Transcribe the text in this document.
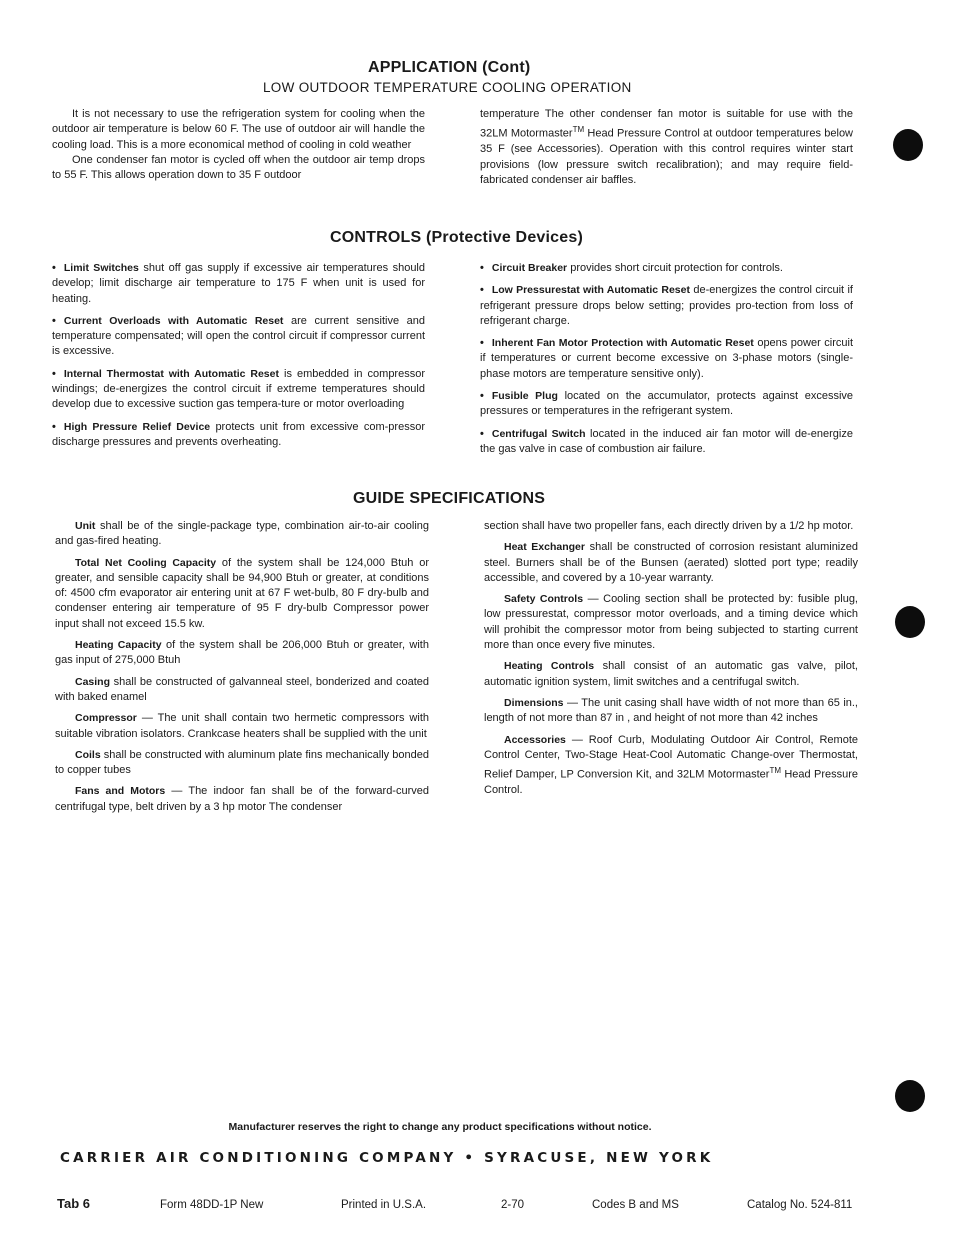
APPLICATION (Cont)
LOW OUTDOOR TEMPERATURE COOLING OPERATION

It is not necessary to use the refrigeration system for cooling when the outdoor air temperature is below 60 F. The use of outdoor air will handle the cooling load. This is a more economical method of cooling in cold weather

One condenser fan motor is cycled off when the outdoor air temp drops to 55 F. This allows operation down to 35 F outdoor

temperature The other condenser fan motor is suitable for use with the 32LM Motormaster™ Head Pressure Control at outdoor temperatures below 35 F (see Accessories). Operation with this control requires winter start provisions (low pressure switch recalibration); and may require field-fabricated condenser air baffles.

CONTROLS (Protective Devices)

• Limit Switches shut off gas supply if excessive air temperatures should develop; limit discharge air temperature to 175 F when unit is used for heating.

• Current Overloads with Automatic Reset are current sensitive and temperature compensated; will open the control circuit if compressor current is excessive.

• Internal Thermostat with Automatic Reset is embedded in compressor windings; de-energizes the control circuit if extreme temperatures should develop due to excessive suction gas tempera-ture or motor overloading

• High Pressure Relief Device protects unit from excessive com-pressor discharge pressures and prevents overheating.

• Circuit Breaker provides short circuit protection for controls.

• Low Pressurestat with Automatic Reset de-energizes the control circuit if refrigerant pressure drops below setting; provides pro-tection from loss of refrigerant charge.

• Inherent Fan Motor Protection with Automatic Reset opens power circuit if temperatures or current become excessive on 3-phase motors (single-phase motors are temperature sensitive only).

• Fusible Plug located on the accumulator, protects against excessive pressures or temperatures in the refrigerant system.

• Centrifugal Switch located in the induced air fan motor will de-energize the gas valve in case of combustion air failure.

GUIDE SPECIFICATIONS

Unit shall be of the single-package type, combination air-to-air cooling and gas-fired heating.

Total Net Cooling Capacity of the system shall be 124,000 Btuh or greater, and sensible capacity shall be 94,900 Btuh or greater, at conditions of: 4500 cfm evaporator air entering unit at 67 F wet-bulb, 80 F dry-bulb and condenser entering air temperature of 95 F dry-bulb Compressor power input shall not exceed 15.5 kw.

Heating Capacity of the system shall be 206,000 Btuh or greater, with gas input of 275,000 Btuh

Casing shall be constructed of galvanneal steel, bonderized and coated with baked enamel

Compressor — The unit shall contain two hermetic compressors with suitable vibration isolators. Crankcase heaters shall be supplied with the unit

Coils shall be constructed with aluminum plate fins mechanically bonded to copper tubes

Fans and Motors — The indoor fan shall be of the forward-curved centrifugal type, belt driven by a 3 hp motor The condenser

section shall have two propeller fans, each directly driven by a 1/2 hp motor.

Heat Exchanger shall be constructed of corrosion resistant aluminized steel. Burners shall be of the Bunsen (aerated) slotted port type; readily accessible, and covered by a 10-year warranty.

Safety Controls — Cooling section shall be protected by: fusible plug, low pressurestat, compressor motor overloads, and a timing device which will prohibit the compressor motor from being subjected to starting current more than once every five minutes.

Heating Controls shall consist of an automatic gas valve, pilot, automatic ignition system, limit switches and a centrifugal switch.

Dimensions — The unit casing shall have width of not more than 65 in., length of not more than 87 in , and height of not more than 42 inches

Accessories — Roof Curb, Modulating Outdoor Air Control, Remote Control Center, Two-Stage Heat-Cool Automatic Change-over Thermostat, Relief Damper, LP Conversion Kit, and 32LM Motormaster™ Head Pressure Control.

Manufacturer reserves the right to change any product specifications without notice.
CARRIER AIR CONDITIONING COMPANY • SYRACUSE, NEW YORK
Tab 6	Form 48DD-1P New	Printed in U.S.A.	2-70	Codes B and MS	Catalog No. 524-811
